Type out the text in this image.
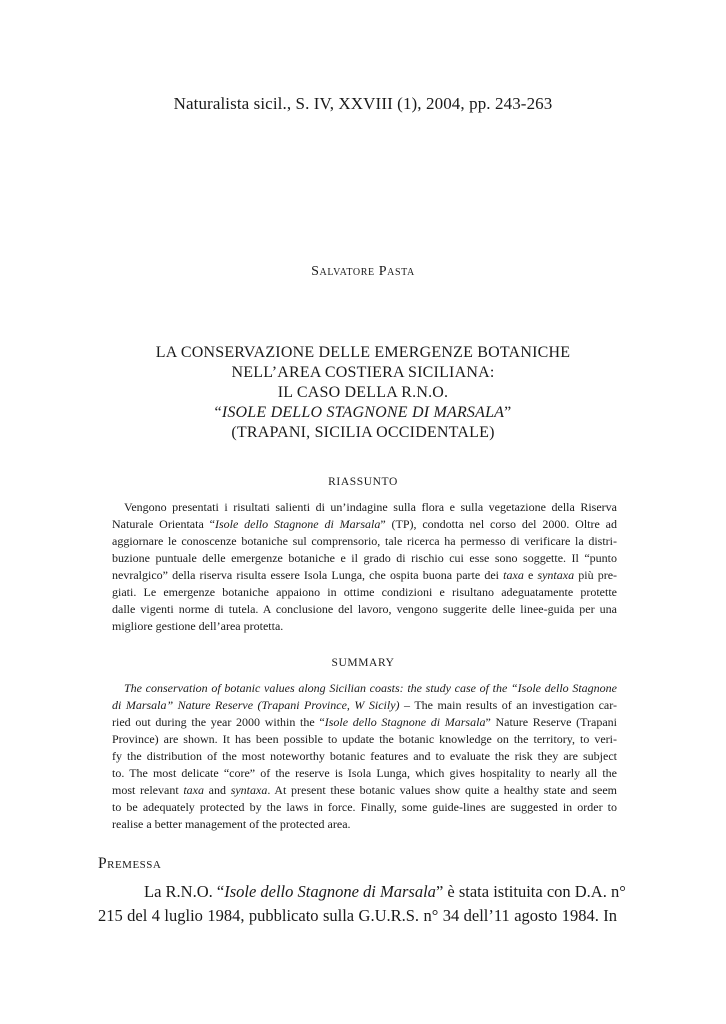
Naturalista sicil., S. IV, XXVIII (1), 2004, pp. 243-263
Salvatore Pasta
LA CONSERVAZIONE DELLE EMERGENZE BOTANICHE
NELL’AREA COSTIERA SICILIANA:
IL CASO DELLA R.N.O.
“ISOLE DELLO STAGNONE DI MARSALA”
(TRAPANI, SICILIA OCCIDENTALE)
RIASSUNTO
Vengono presentati i risultati salienti di un’indagine sulla flora e sulla vegetazione della Riserva
Naturale Orientata “Isole dello Stagnone di Marsala” (TP), condotta nel corso del 2000. Oltre ad
aggiornare le conoscenze botaniche sul comprensorio, tale ricerca ha permesso di verificare la distri-
buzione puntuale delle emergenze botaniche e il grado di rischio cui esse sono soggette. Il “punto
nevralgico” della riserva risulta essere Isola Lunga, che ospita buona parte dei taxa e syntaxa più pre-
giati. Le emergenze botaniche appaiono in ottime condizioni e risultano adeguatamente protette
dalle vigenti norme di tutela. A conclusione del lavoro, vengono suggerite delle linee-guida per una
migliore gestione dell’area protetta.
SUMMARY
The conservation of botanic values along Sicilian coasts: the study case of the “Isole dello Stagnone
di Marsala” Nature Reserve (Trapani Province, W Sicily) – The main results of an investigation car-
ried out during the year 2000 within the “Isole dello Stagnone di Marsala” Nature Reserve (Trapani
Province) are shown. It has been possible to update the botanic knowledge on the territory, to veri-
fy the distribution of the most noteworthy botanic features and to evaluate the risk they are subject
to. The most delicate “core” of the reserve is Isola Lunga, which gives hospitality to nearly all the
most relevant taxa and syntaxa. At present these botanic values show quite a healthy state and seem
to be adequately protected by the laws in force. Finally, some guide-lines are suggested in order to
realise a better management of the protected area.
Premessa
La R.N.O. “Isole dello Stagnone di Marsala” è stata istituita con D.A. n°
215 del 4 luglio 1984, pubblicato sulla G.U.R.S. n° 34 dell’11 agosto 1984. In
